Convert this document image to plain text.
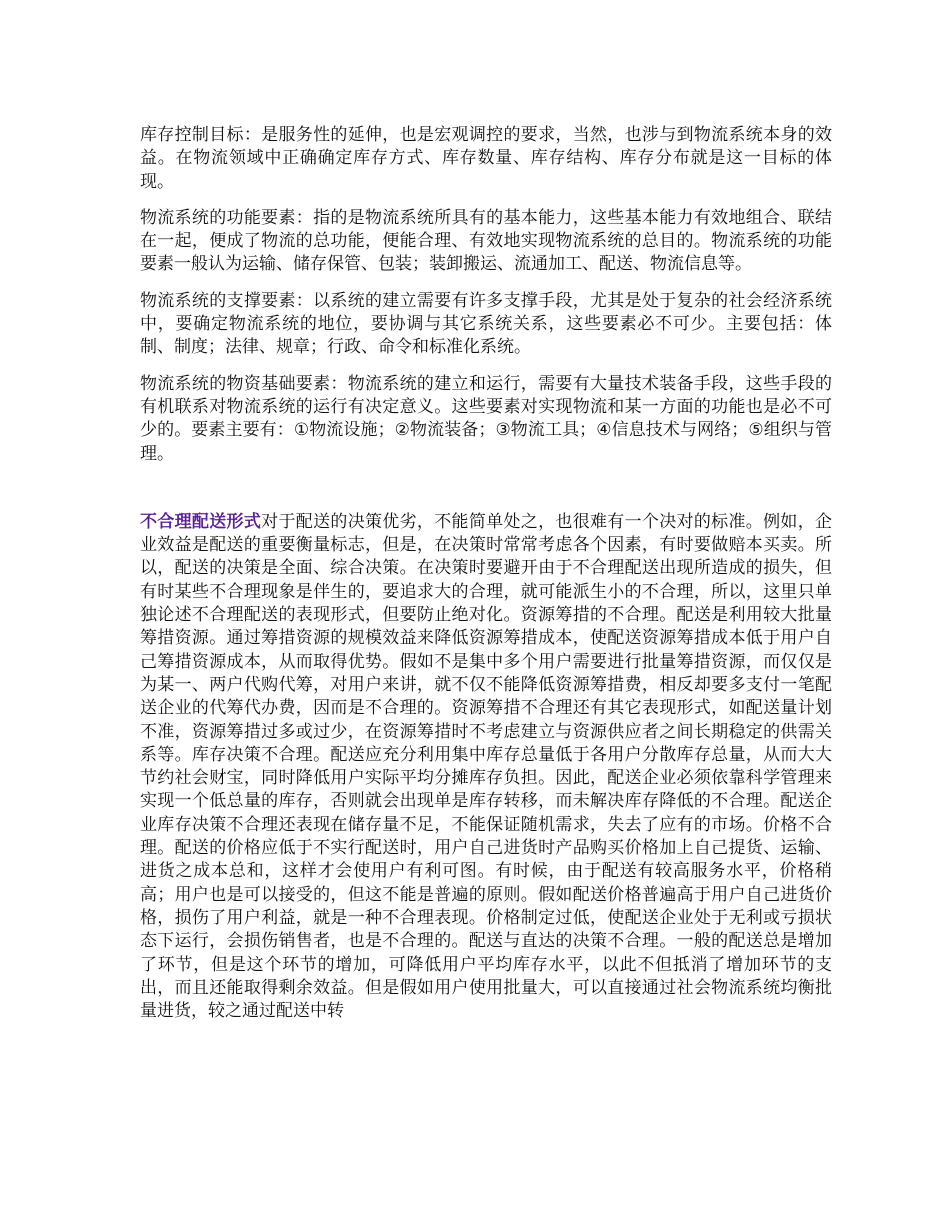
库存控制目标：是服务性的延伸，也是宏观调控的要求，当然，也涉与到物流系统本身的效益。在物流领域中正确确定库存方式、库存数量、库存结构、库存分布就是这一目标的体现。

物流系统的功能要素：指的是物流系统所具有的基本能力，这些基本能力有效地组合、联结在一起，便成了物流的总功能，便能合理、有效地实现物流系统的总目的。物流系统的功能要素一般认为运输、储存保管、包装；装卸搬运、流通加工、配送、物流信息等。

物流系统的支撑要素：以系统的建立需要有许多支撑手段，尤其是处于复杂的社会经济系统中，要确定物流系统的地位，要协调与其它系统关系，这些要素必不可少。主要包括：体制、制度；法律、规章；行政、命令和标准化系统。

物流系统的物资基础要素：物流系统的建立和运行，需要有大量技术装备手段，这些手段的有机联系对物流系统的运行有决定意义。这些要素对实现物流和某一方面的功能也是必不可少的。要素主要有：①物流设施；②物流装备；③物流工具；④信息技术与网络；⑤组织与管理。

不合理配送形式对于配送的决策优劣，不能简单处之，也很难有一个决对的标准。例如，企业效益是配送的重要衡量标志，但是，在决策时常常考虑各个因素，有时要做赔本买卖。所以，配送的决策是全面、综合决策。在决策时要避开由于不合理配送出现所造成的损失，但有时某些不合理现象是伴生的，要追求大的合理，就可能派生小的不合理，所以，这里只单独论述不合理配送的表现形式，但要防止绝对化。资源筹措的不合理。配送是利用较大批量筹措资源。通过筹措资源的规模效益来降低资源筹措成本，使配送资源筹措成本低于用户自己筹措资源成本，从而取得优势。假如不是集中多个用户需要进行批量筹措资源，而仅仅是为某一、两户代购代筹，对用户来讲，就不仅不能降低资源筹措费，相反却要多支付一笔配送企业的代筹代办费，因而是不合理的。资源筹措不合理还有其它表现形式，如配送量计划不准，资源筹措过多或过少，在资源筹措时不考虑建立与资源供应者之间长期稳定的供需关系等。库存决策不合理。配送应充分利用集中库存总量低于各用户分散库存总量，从而大大节约社会财宝，同时降低用户实际平均分摊库存负担。因此，配送企业必须依靠科学管理来实现一个低总量的库存，否则就会出现单是库存转移，而未解决库存降低的不合理。配送企业库存决策不合理还表现在储存量不足，不能保证随机需求，失去了应有的市场。价格不合理。配送的价格应低于不实行配送时，用户自己进货时产品购买价格加上自己提货、运输、进货之成本总和，这样才会使用户有利可图。有时候，由于配送有较高服务水平，价格稍高；用户也是可以接受的，但这不能是普遍的原则。假如配送价格普遍高于用户自己进货价格，损伤了用户利益，就是一种不合理表现。价格制定过低，使配送企业处于无利或亏损状态下运行，会损伤销售者，也是不合理的。配送与直达的决策不合理。一般的配送总是增加了环节，但是这个环节的增加，可降低用户平均库存水平，以此不但抵消了增加环节的支出，而且还能取得剩余效益。但是假如用户使用批量大，可以直接通过社会物流系统均衡批量进货，较之通过配送中转
